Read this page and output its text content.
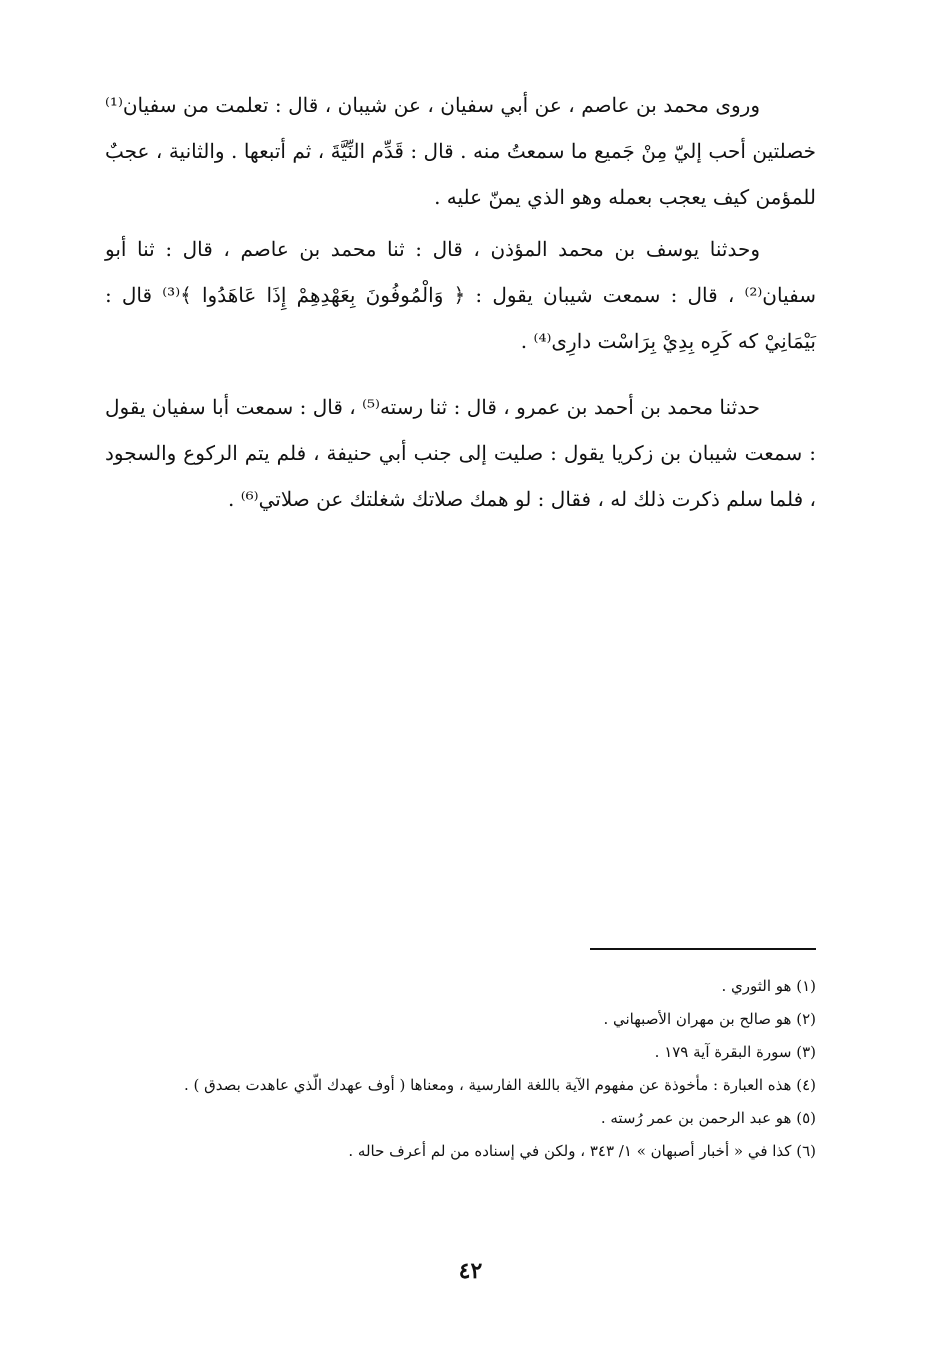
وروى محمد بن عاصم ، عن أبي سفيان ، عن شيبان ، قال : تعلمت من سفيان⁽¹⁾ خصلتين أحب إليّ مِنْ جَميع ما سمعتُ منه . قال : قَدِّم النِّيَّةَ ، ثم أتبعها . والثانية ، عجبٌ للمؤمن كيف يعجب بعمله وهو الذي يمنّ عليه .

وحدثنا يوسف بن محمد المؤذن ، قال : ثنا محمد بن عاصم ، قال : ثنا أبو سفيان⁽²⁾ ، قال : سمعت شيبان يقول : ﴿ وَالْمُوفُونَ بِعَهْدِهِمْ إِذَا عَاهَدُوا ﴾⁽³⁾ قال : بَيْمَانِيْ كه كَرِه بِدِيْ بِرَاسْت دارِى⁽⁴⁾ .

حدثنا محمد بن أحمد بن عمرو ، قال : ثنا رسته⁽⁵⁾ ، قال : سمعت أبا سفيان يقول : سمعت شيبان بن زكريا يقول : صليت إلى جنب أبي حنيفة ، فلم يتم الركوع والسجود ، فلما سلم ذكرت ذلك له ، فقال : لو همك صلاتك شغلتك عن صلاتي⁽⁶⁾ .

(١) هو الثوري .
(٢) هو صالح بن مهران الأصبهاني .
(٣) سورة البقرة آية ١٧٩ .
(٤) هذه العبارة : مأخوذة عن مفهوم الآية باللغة الفارسية ، ومعناها ( أوف عهدك الّذي عاهدت بصدق ) .
(٥) هو عبد الرحمن بن عمر رُسته .
(٦) كذا في « أخبار أصبهان » ١/ ٣٤٣ ، ولكن في إسناده من لم أعرف حاله .
٤٢
